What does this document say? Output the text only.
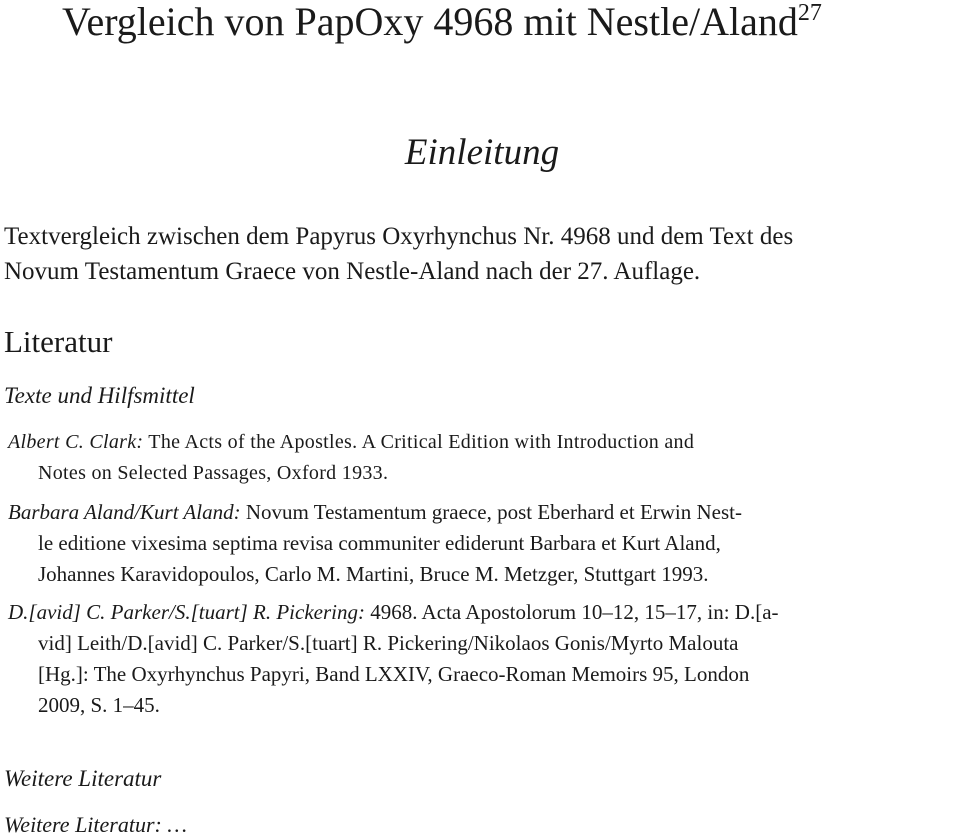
Vergleich von PapOxy 4968 mit Nestle/Aland$^{27}$
Einleitung

Textvergleich zwischen dem Papyrus Oxyrhynchus Nr. 4968 und dem Text des
Novum Testamentum Graece von Nestle-Aland nach der 27. Auflage.

Literatur
Texte und Hilfsmittel

Albert C. Clark: The Acts of the Apostles. A Critical Edition with Introduction and
Notes on Selected Passages, Oxford 1933.

Barbara Aland/Kurt Aland: Novum Testamentum graece, post Eberhard et Erwin Nest-
le editione vixesima septima revisa communiter ediderunt Barbara et Kurt Aland,
Johannes Karavidopoulos, Carlo M. Martini, Bruce M. Metzger, Stuttgart 1993.

D.[avid] C. Parker/S.[tuart] R. Pickering: 4968. Acta Apostolorum 10–12, 15–17, in: D.[a-
vid] Leith/D.[avid] C. Parker/S.[tuart] R. Pickering/Nikolaos Gonis/Myrto Malouta
[Hg.]: The Oxyrhynchus Papyri, Band LXXIV, Graeco-Roman Memoirs 95, London
2009, S. 1–45.

Weitere Literatur

Weitere Literatur: …
